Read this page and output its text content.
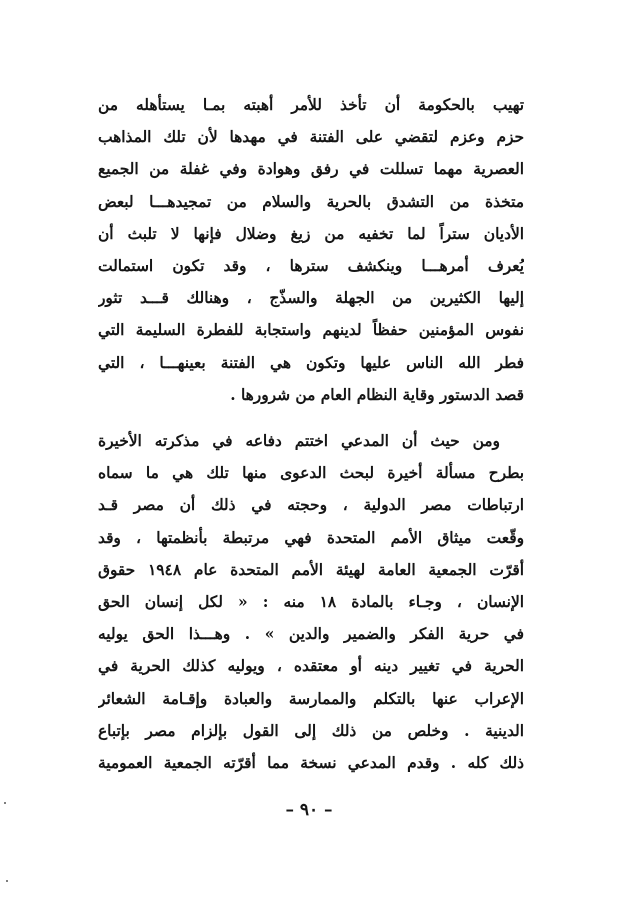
تهيب بالحكومة أن تأخذ للأمر أهبته بمـا يستأهله من
حزم وعزم لتقضي على الفتنة في مهدها لأن تلك المذاهب
العصرية مهما تسللت في رفق وهوادة وفي غفلة من الجميع
متخذة من التشدق بالحرية والسلام من تمجيدهـــا لبعض
الأديان ستراً لما تخفيه من زيغ وضلال فإنها لا تلبث أن
يُعرف أمرهـــا وينكشف سترها ، وقد تكون استمالت
إليها الكثيرين من الجهلة والسذّج ، وهنالك قـــد تثور
نفوس المؤمنين حفظاً لدينهم واستجابة للفطرة السليمة التي
فطر الله الناس عليها وتكون هي الفتنة بعينهـــا ، التي
قصد الدستور وقاية النظام العام من شرورها .
ومن حيث أن المدعي اختتم دفاعه في مذكرته الأخيرة
بطرح مسألة أخيرة لبحث الدعوى منها تلك هي ما سماه
ارتباطات مصر الدولية ، وحجته في ذلك أن مصر قـد
وقّعت ميثاق الأمم المتحدة فهي مرتبطة بأنظمتها ، وقد
أقرّت الجمعية العامة لهيئة الأمم المتحدة عام ١٩٤٨ حقوق
الإنسان ، وجـاء بالمادة ١٨ منه : « لكل إنسان الحق
في حرية الفكر والضمير والدين » . وهـــذا الحق يوليه
الحرية في تغيير دينه أو معتقده ، ويوليه كذلك الحرية في
الإعراب عنها بالتكلم والممارسة والعبادة وإقـامة الشعائر
الدينية . وخلص من ذلك إلى القول بإلزام مصر بإتباع
ذلك كله . وقدم المدعي نسخة مما أقرّته الجمعية العمومية
– ٩٠ –
